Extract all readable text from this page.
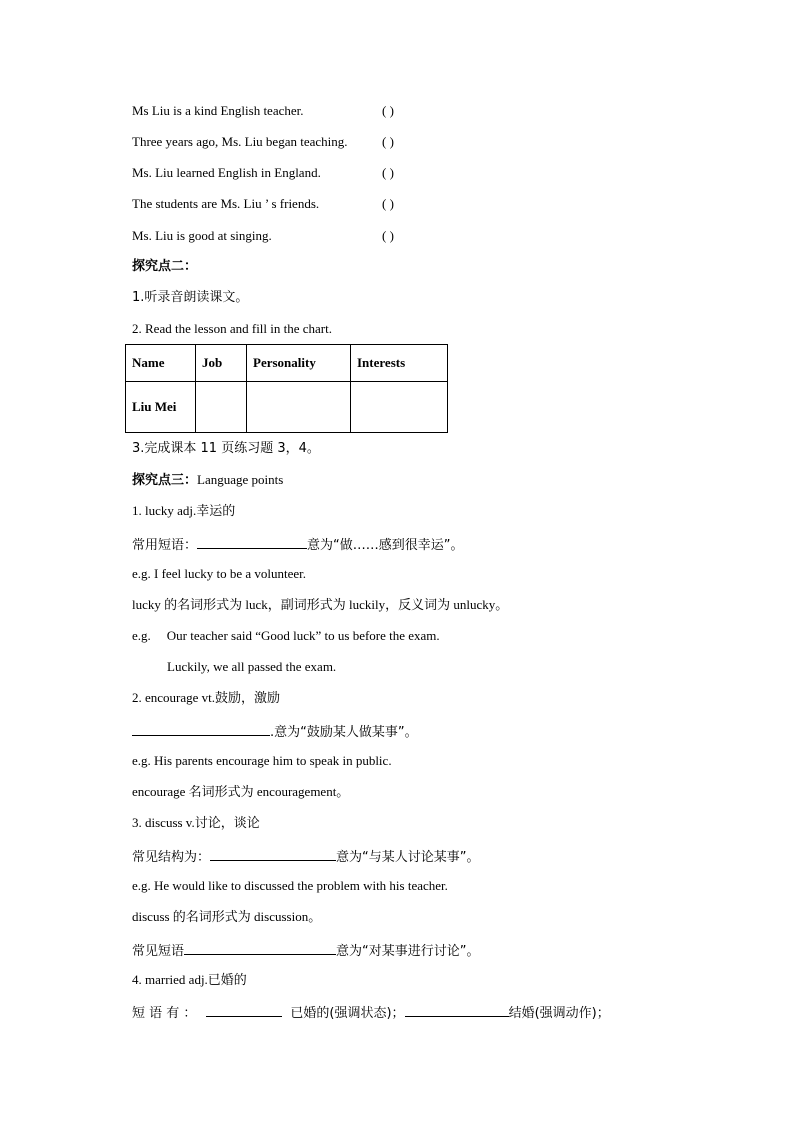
Ms Liu is a kind English teacher.	( )
Three years ago, Ms. Liu began teaching.	( )
Ms. Liu learned English in England.	( )
The students are Ms. Liu ’ s friends.	( )
Ms. Liu is good at singing.	( )
探究点二：
1.听录音朗读课文。
2. Read the lesson and fill in the chart.
Name	Job	Personality	Interests
Liu Mei			
3.完成课本 11 页练习题 3，4。
探究点三：Language points
1. lucky adj.幸运的
常用短语：	意为“做……感到很幸运”。
e.g. I feel lucky to be a volunteer.
lucky 的名词形式为 luck，副词形式为 luckily，反义词为 unlucky。
e.g. Our teacher said “Good luck” to us before the exam.
Luckily, we all passed the exam.
2. encourage vt.鼓励，激励
.意为“鼓励某人做某事”。
e.g. His parents encourage him to speak in public.
encourage 名词形式为 encouragement。
3. discuss v.讨论，谈论
常见结构为：	意为“与某人讨论某事”。
e.g. He would like to discussed the problem with his teacher.
discuss 的名词形式为 discussion。
常见短语	意为“对某事进行讨论”。
4. married adj.已婚的
短 语 有 ：	已婚的(强调状态)；	结婚(强调动作)；
